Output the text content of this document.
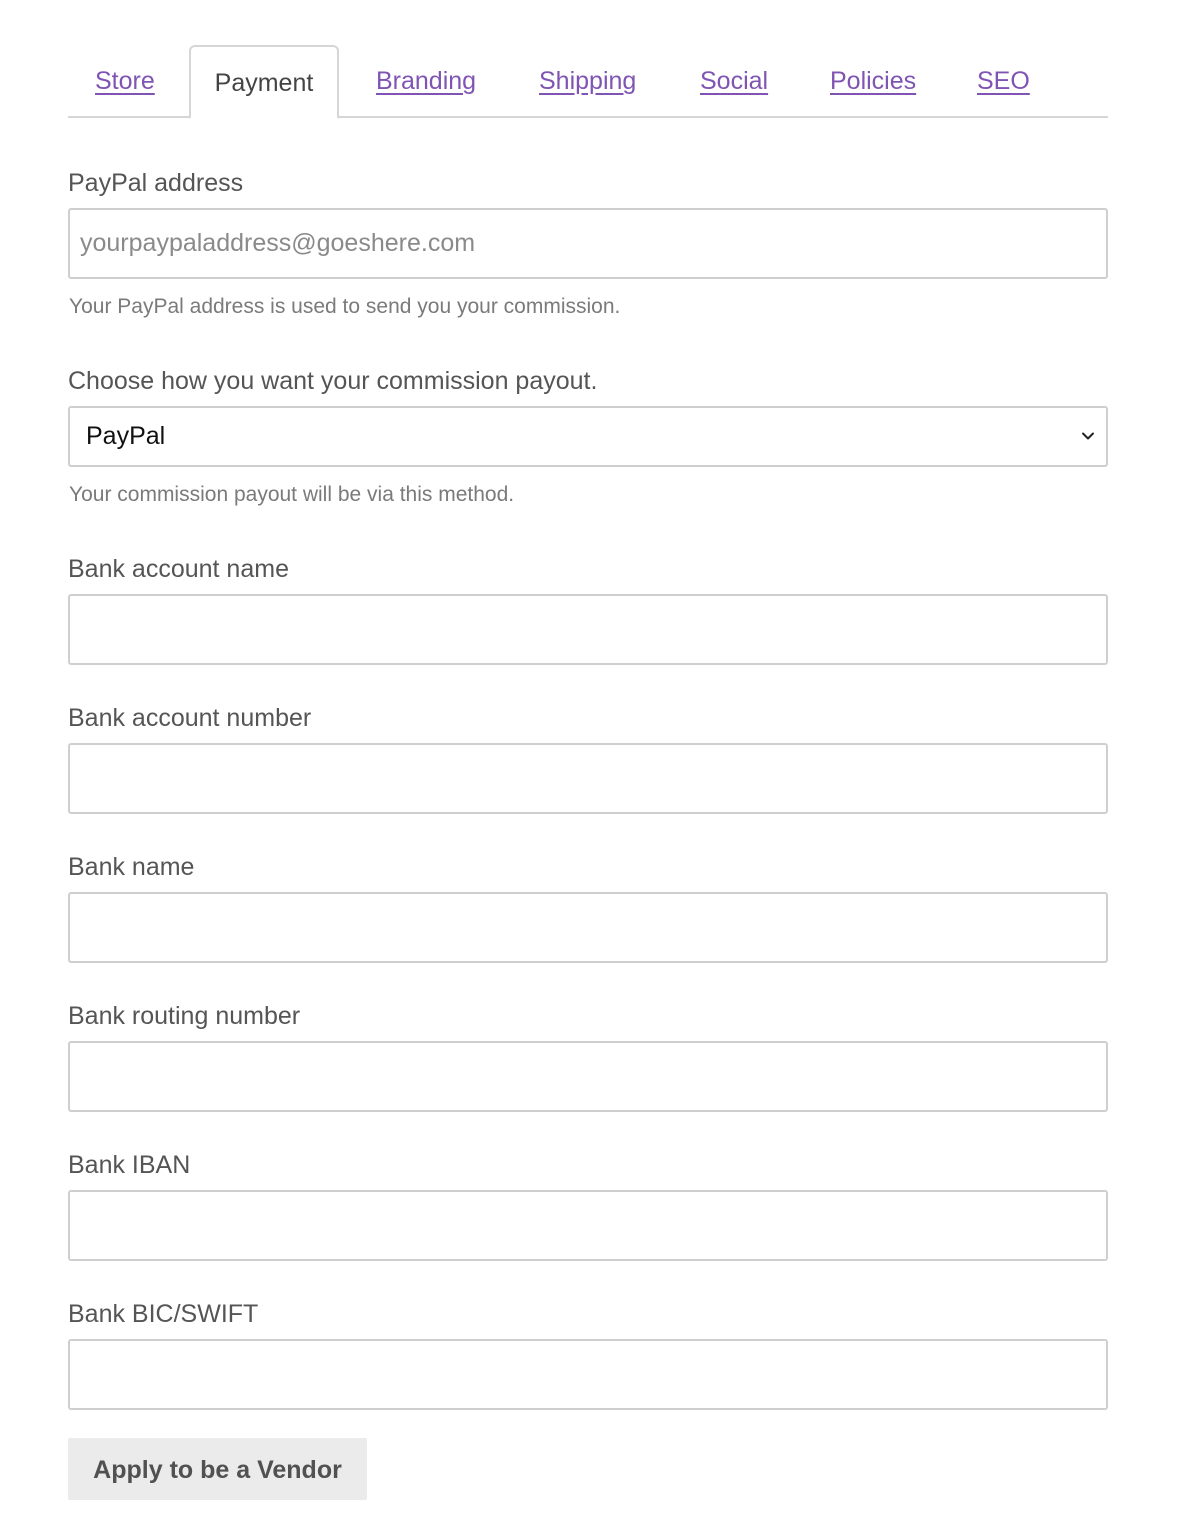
Store	Payment	Branding	Shipping	Social Policies SEO
PayPal address
yourpaypaladdress@goeshere.com
Your PayPal address is used to send you your commission.
Choose how you want your commission payout.
PayPal
Your commission payout will be via this method.
Bank account name
Bank account number
Bank name
Bank routing number
Bank IBAN
Bank BIC/SWIFT
Apply to be a Vendor
